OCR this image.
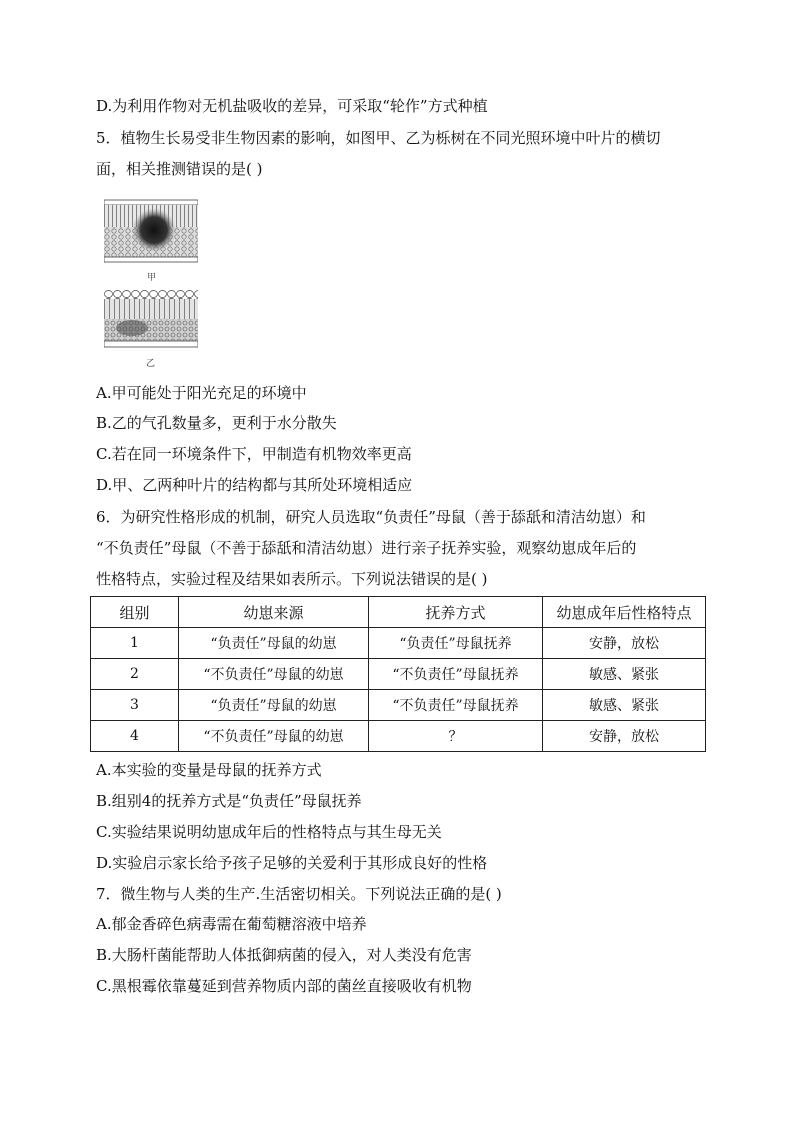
D.为利用作物对无机盐吸收的差异，可采取“轮作”方式种植
5．植物生长易受非生物因素的影响，如图甲、乙为栎树在不同光照环境中叶片的横切
面，相关推测错误的是( )
甲
乙
A.甲可能处于阳光充足的环境中
B.乙的气孔数量多，更利于水分散失
C.若在同一环境条件下，甲制造有机物效率更高
D.甲、乙两种叶片的结构都与其所处环境相适应
6．为研究性格形成的机制，研究人员选取“负责任”母鼠（善于舔舐和清洁幼崽）和
“不负责任”母鼠（不善于舔舐和清洁幼崽）进行亲子抚养实验，观察幼崽成年后的
性格特点，实验过程及结果如表所示。下列说法错误的是( )
组别	幼崽来源	抚养方式	幼崽成年后性格特点
1	“负责任”母鼠的幼崽	“负责任”母鼠抚养	安静，放松
2	“不负责任”母鼠的幼崽	“不负责任”母鼠抚养	敏感、紧张
3	“负责任”母鼠的幼崽	“不负责任”母鼠抚养	敏感、紧张
4	“不负责任”母鼠的幼崽	？	安静，放松
A.本实验的变量是母鼠的抚养方式
B.组别4的抚养方式是“负责任”母鼠抚养
C.实验结果说明幼崽成年后的性格特点与其生母无关
D.实验启示家长给予孩子足够的关爱利于其形成良好的性格
7．微生物与人类的生产.生活密切相关。下列说法正确的是( )
A.郁金香碎色病毒需在葡萄糖溶液中培养
B.大肠杆菌能帮助人体抵御病菌的侵入，对人类没有危害
C.黑根霉依靠蔓延到营养物质内部的菌丝直接吸收有机物
